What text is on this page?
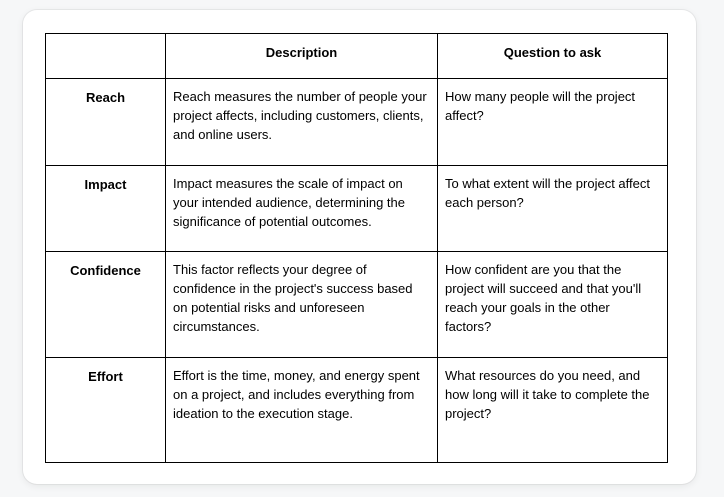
	Description	Question to ask
Reach	Reach measures the number of people your project affects, including customers, clients, and online users.	How many people will the project affect?
Impact	Impact measures the scale of impact on your intended audience, determining the significance of potential outcomes.	To what extent will the project affect each person?
Confidence	This factor reflects your degree of confidence in the project's success based on potential risks and unforeseen circumstances.	How confident are you that the project will succeed and that you'll reach your goals in the other factors?
Effort	Effort is the time, money, and energy spent on a project, and includes everything from ideation to the execution stage.	What resources do you need, and how long will it take to complete the project?
